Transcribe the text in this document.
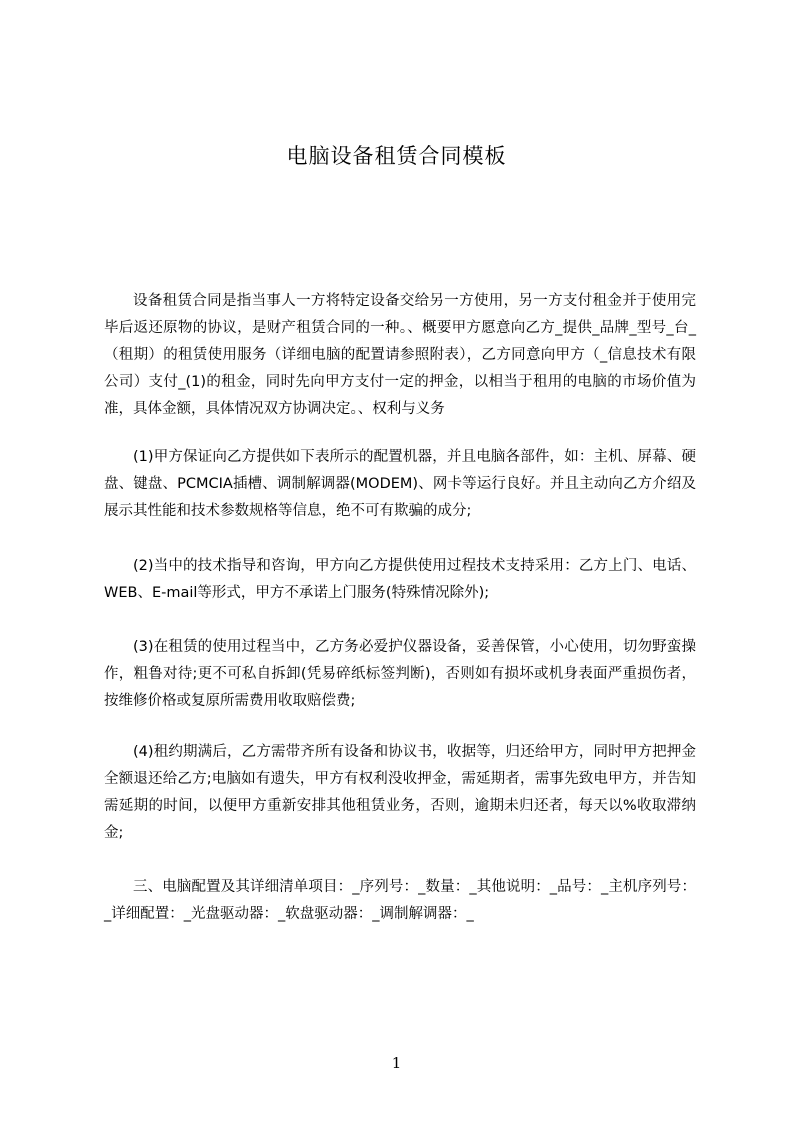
电脑设备租赁合同模板

设备租赁合同是指当事人一方将特定设备交给另一方使用，另一方支付租金并于使用完毕后返还原物的协议，是财产租赁合同的一种。、概要甲方愿意向乙方_提供_品牌_型号_台_（租期）的租赁使用服务（详细电脑的配置请参照附表），乙方同意向甲方（_信息技术有限公司）支付_(1)的租金，同时先向甲方支付一定的押金，以相当于租用的电脑的市场价值为准，具体金额，具体情况双方协调决定。、权利与义务

(1)甲方保证向乙方提供如下表所示的配置机器，并且电脑各部件，如：主机、屏幕、硬盘、键盘、PCMCIA插槽、调制解调器(MODEM)、网卡等运行良好。并且主动向乙方介绍及展示其性能和技术参数规格等信息，绝不可有欺骗的成分;

(2)当中的技术指导和咨询，甲方向乙方提供使用过程技术支持采用：乙方上门、电话、WEB、E-mail等形式，甲方不承诺上门服务(特殊情况除外);

(3)在租赁的使用过程当中，乙方务必爱护仪器设备，妥善保管，小心使用，切勿野蛮操作，粗鲁对待;更不可私自拆卸(凭易碎纸标签判断)，否则如有损坏或机身表面严重损伤者，按维修价格或复原所需费用收取赔偿费;

(4)租约期满后，乙方需带齐所有设备和协议书，收据等，归还给甲方，同时甲方把押金全额退还给乙方;电脑如有遗失，甲方有权利没收押金，需延期者，需事先致电甲方，并告知需延期的时间，以便甲方重新安排其他租赁业务，否则，逾期未归还者，每天以%收取滞纳金;

三、电脑配置及其详细清单项目：_序列号：_数量：_其他说明：_品号：_主机序列号：_详细配置：_光盘驱动器：_软盘驱动器：_调制解调器：_

1
